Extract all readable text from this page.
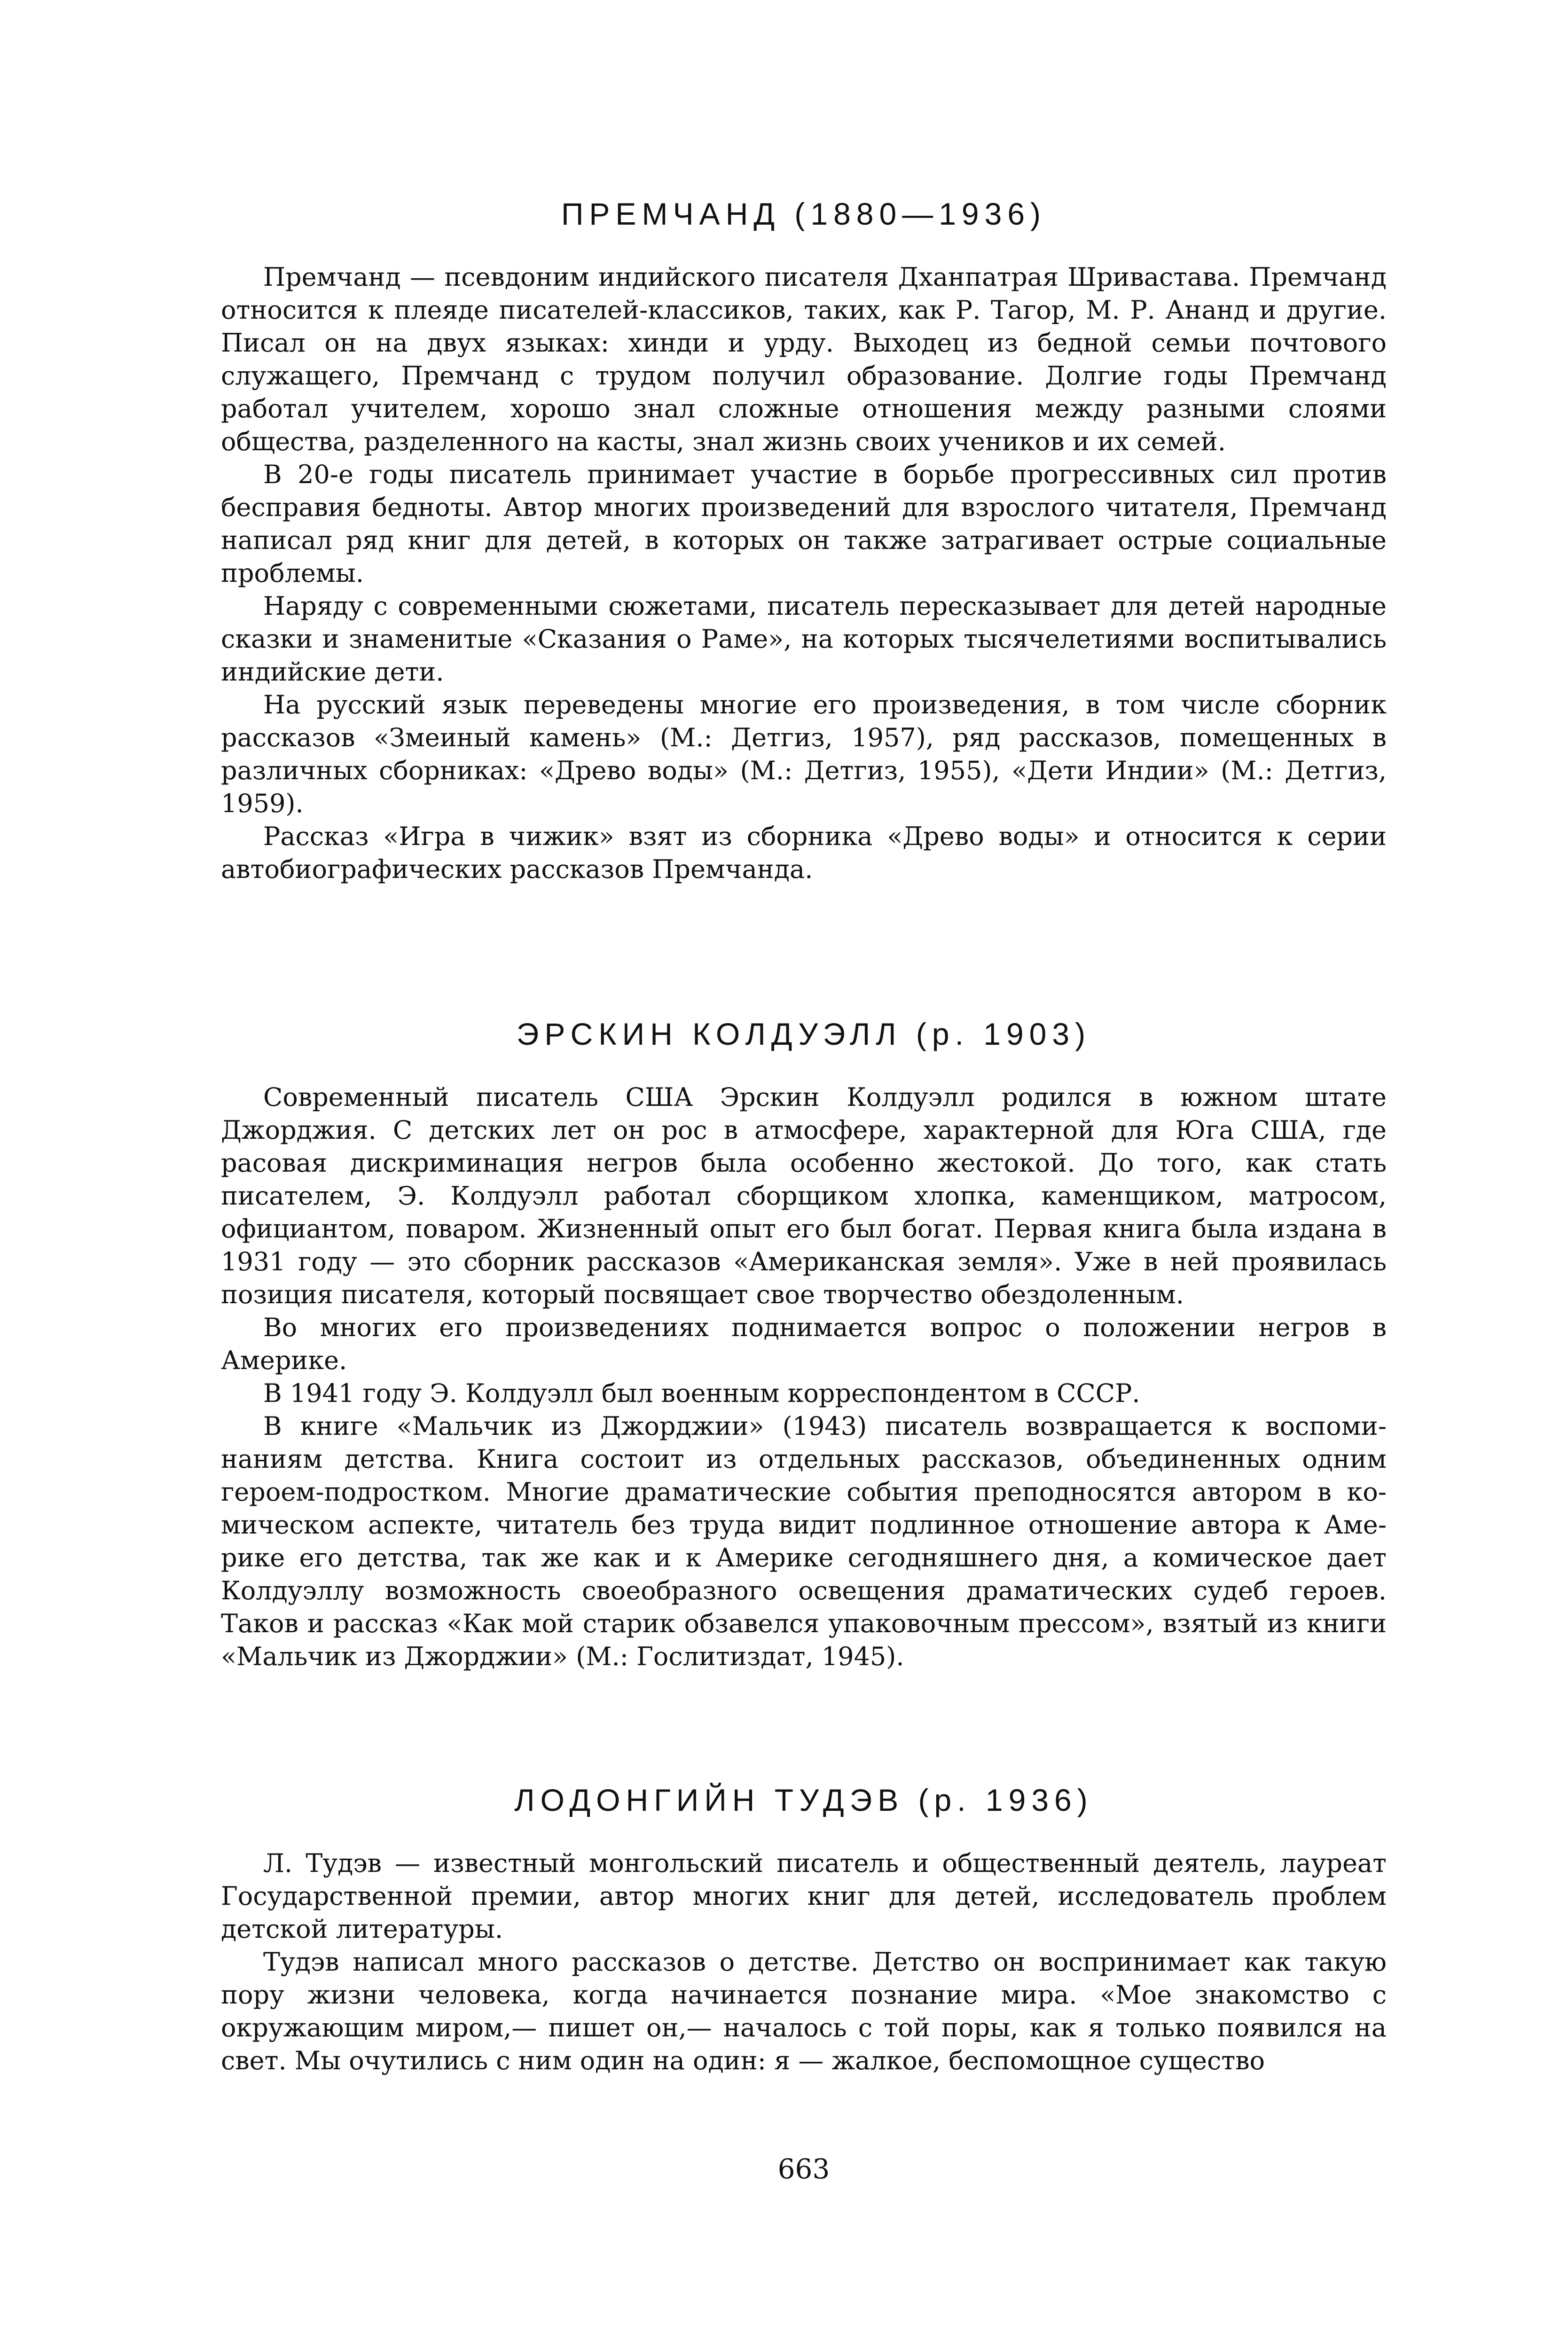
ПРЕМЧАНД (1880—1936)

Премчанд — псевдоним индийского писателя Дханпатрая Шривастава. Премчанд относится к плеяде писателей-классиков, таких, как Р. Тагор, М. Р. Ананд и другие. Писал он на двух языках: хинди и урду. Выходец из бедной семьи почтового служащего, Премчанд с трудом получил образование. Долгие годы Премчанд работал учителем, хорошо знал сложные отношения между разными слоями общества, разделенного на касты, знал жизнь своих учеников и их семей.

В 20-е годы писатель принимает участие в борьбе прогрессивных сил против бесправия бедноты. Автор многих произведений для взрослого читателя, Премчанд написал ряд книг для детей, в которых он также затрагивает острые социальные проблемы.

Наряду с современными сюжетами, писатель пересказывает для детей народные сказки и знаменитые «Сказания о Раме», на которых тысячелетиями воспитывались индийские дети.

На русский язык переведены многие его произведения, в том числе сборник рассказов «Змеиный камень» (М.: Детгиз, 1957), ряд рассказов, помещенных в различных сборниках: «Древо воды» (М.: Детгиз, 1955), «Дети Индии» (М.: Детгиз, 1959).

Рассказ «Игра в чижик» взят из сборника «Древо воды» и относится к серии автобиографических рассказов Премчанда.

ЭРСКИН КОЛДУЭЛЛ (р. 1903)

Современный писатель США Эрскин Колдуэлл родился в южном штате Джорджия. С детских лет он рос в атмосфере, характерной для Юга США, где расовая дискриминация негров была особенно жестокой. До того, как стать писателем, Э. Колдуэлл работал сборщиком хлопка, каменщиком, матросом, официантом, поваром. Жизненный опыт его был богат. Первая книга была издана в 1931 году — это сборник рассказов «Американская земля». Уже в ней проявилась позиция писателя, который посвящает свое творчество обездоленным.

Во многих его произведениях поднимается вопрос о положении негров в Америке.

В 1941 году Э. Колдуэлл был военным корреспондентом в СССР.

В книге «Мальчик из Джорджии» (1943) писатель возвращается к воспоминаниям детства. Книга состоит из отдельных рассказов, объединенных одним героем-подростком. Многие драматические события преподносятся автором в комическом аспекте, читатель без труда видит подлинное отношение автора к Америке его детства, так же как и к Америке сегодняшнего дня, а комическое дает Колдуэллу возможность своеобразного освещения драматических судеб героев. Таков и рассказ «Как мой старик обзавелся упаковочным прессом», взятый из книги «Мальчик из Джорджии» (М.: Гослитиздат, 1945).

ЛОДОНГИЙН ТУДЭВ (р. 1936)

Л. Тудэв — известный монгольский писатель и общественный деятель, лауреат Государственной премии, автор многих книг для детей, исследователь проблем детской литературы.

Тудэв написал много рассказов о детстве. Детство он воспринимает как такую пору жизни человека, когда начинается познание мира. «Мое знакомство с окружающим миром,— пишет он,— началось с той поры, как я только появился на свет. Мы очутились с ним один на один: я — жалкое, беспомощное существо

663
